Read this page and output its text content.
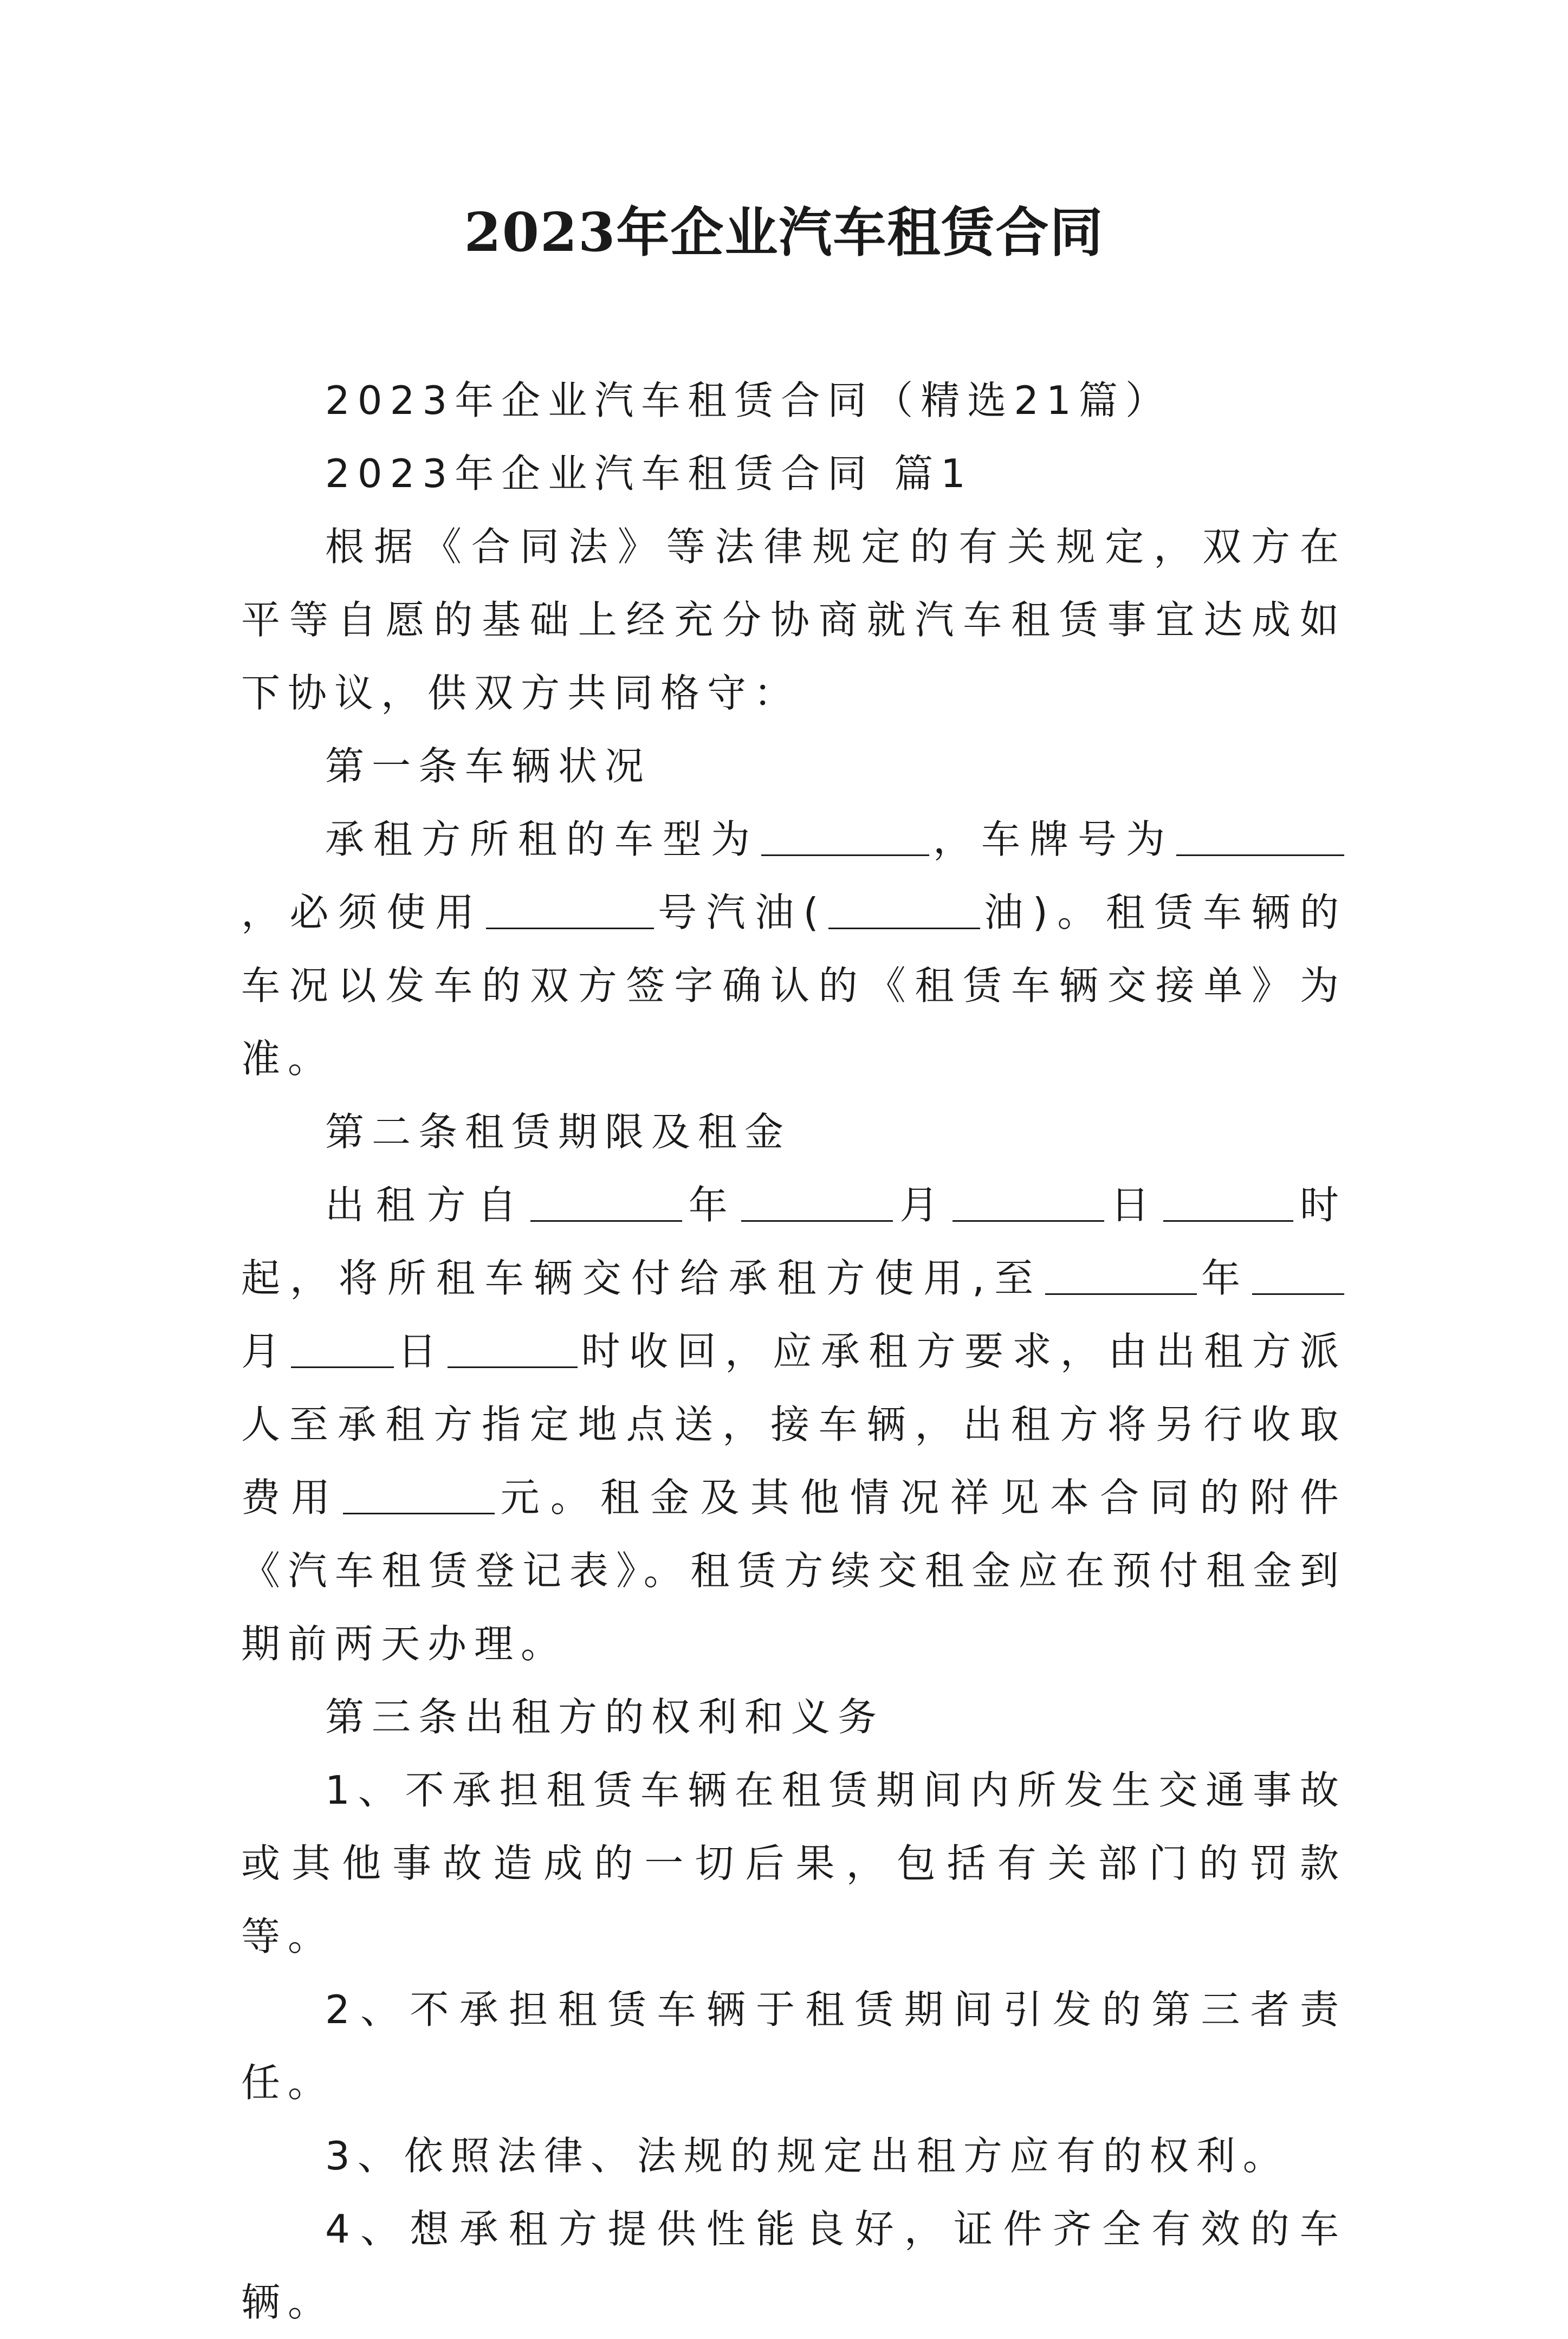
2023年企业汽车租赁合同

2023年企业汽车租赁合同（精选21篇）

2023年企业汽车租赁合同 篇1

根据《合同法》等法律规定的有关规定，双方在平等自愿的基础上经充分协商就汽车租赁事宜达成如下协议，供双方共同格守：

第一条车辆状况

承租方所租的车型为	，车牌号为，必须使用	号汽油(	油)。租赁车辆的车况以发车的双方签字确认的《租赁车辆交接单》为准。

第二条租赁期限及租金

出租方自	年	月	日	时起，将所租车辆交付给承租方使用,至	年月	日	时收回，应承租方要求，由出租方派人至承租方指定地点送，接车辆，出租方将另行收取费用	元。租金及其他情况祥见本合同的附件《汽车租赁登记表》。租赁方续交租金应在预付租金到期前两天办理。

第三条出租方的权利和义务

1、不承担租赁车辆在租赁期间内所发生交通事故或其他事故造成的一切后果，包括有关部门的罚款等。

2、不承担租赁车辆于租赁期间引发的第三者责任。

3、依照法律、法规的规定出租方应有的权利。

4、想承租方提供性能良好，证件齐全有效的车辆。
